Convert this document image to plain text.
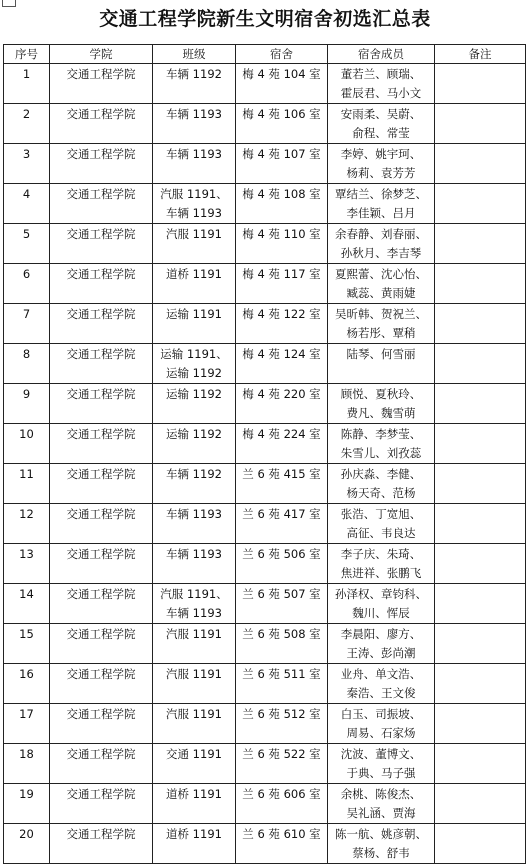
交通工程学院新生文明宿舍初选汇总表
序号	学院	班级	宿舍	宿舍成员	备注
1	交通工程学院	车辆 1192	梅 4 苑 104 室	董若兰、顾瑞、
霍辰君、马小文	

2	交通工程学院	车辆 1193	梅 4 苑 106 室	安雨柔、吴蔚、
俞程、常莹	

3	交通工程学院	车辆 1193	梅 4 苑 107 室	李婷、姚宇珂、
杨莉、袁芳芳	

4	交通工程学院	汽服 1191、
车辆 1193	梅 4 苑 108 室	覃结兰、徐梦芝、
李佳颖、吕月	

5	交通工程学院	汽服 1191	梅 4 苑 110 室	余春静、刘春丽、
孙秋月、李吉琴	

6	交通工程学院	道桥 1191	梅 4 苑 117 室	夏熙蕾、沈心怡、
臧蕊、黄雨婕	

7	交通工程学院	运输 1191	梅 4 苑 122 室	吴昕韩、贺祝兰、
杨若彤、覃稍	

8	交通工程学院	运输 1191、
运输 1192	梅 4 苑 124 室	陆琴、何雪丽	

9	交通工程学院	运输 1192	梅 4 苑 220 室	顾悦、夏秋玲、
费凡、魏雪萌	

10	交通工程学院	运输 1192	梅 4 苑 224 室	陈静、李梦莹、
朱雪儿、刘孜蕊	

11	交通工程学院	车辆 1192	兰 6 苑 415 室	孙庆淼、李健、
杨天奇、范杨	

12	交通工程学院	车辆 1193	兰 6 苑 417 室	张浩、丁宽旭、
高征、韦良达	

13	交通工程学院	车辆 1193	兰 6 苑 506 室	李子庆、朱琦、
焦进祥、张鹏飞	

14	交通工程学院	汽服 1191、
车辆 1193	兰 6 苑 507 室	孙泽权、章钧科、
魏川、恽辰	

15	交通工程学院	汽服 1191	兰 6 苑 508 室	李晨阳、廖方、
王涛、彭尚潮	

16	交通工程学院	汽服 1191	兰 6 苑 511 室	业舟、单文浩、
秦浩、王文俊	

17	交通工程学院	汽服 1191	兰 6 苑 512 室	白玉、司振坡、
周易、石家炀	

18	交通工程学院	交通 1191	兰 6 苑 522 室	沈波、董博文、
于典、马子强	

19	交通工程学院	道桥 1191	兰 6 苑 606 室	余桃、陈俊杰、
吴礼涵、贾海	

20	交通工程学院	道桥 1191	兰 6 苑 610 室	陈一航、姚彦朝、
蔡杨、舒韦	
